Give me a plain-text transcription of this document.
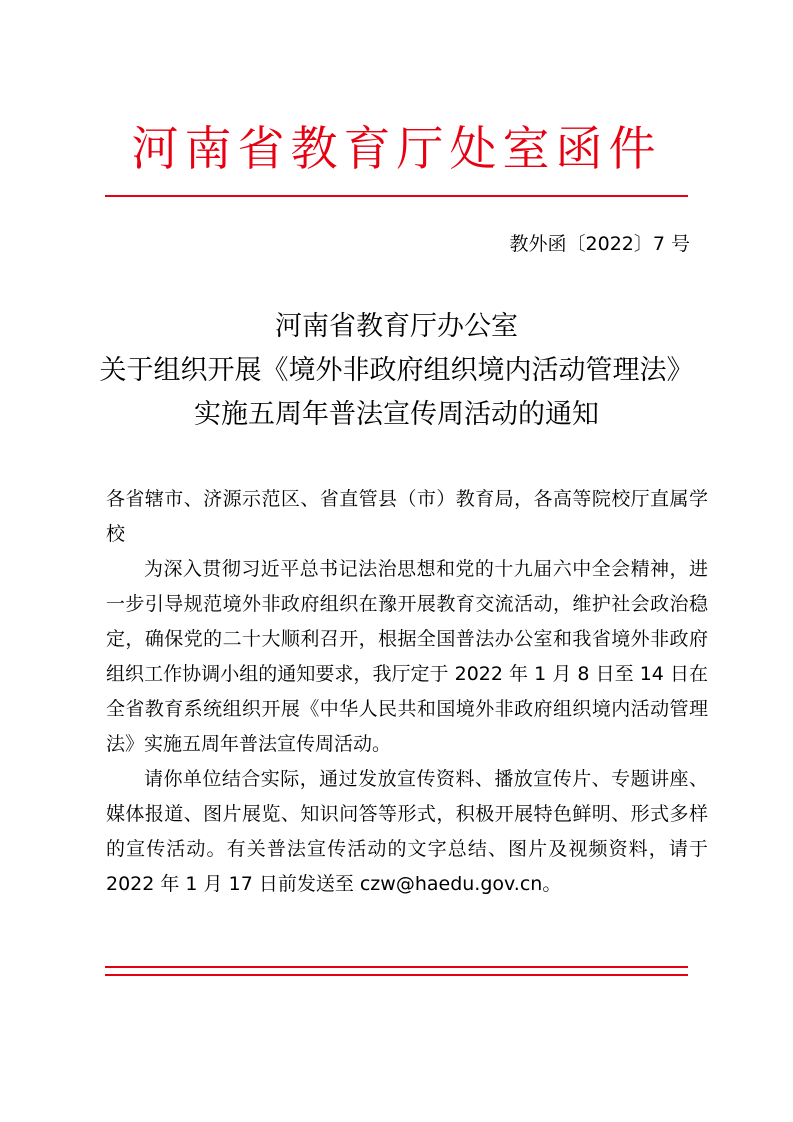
河南省教育厅处室函件
教外函〔2022〕7 号
河南省教育厅办公室
关于组织开展《境外非政府组织境内活动管理法》
实施五周年普法宣传周活动的通知

各省辖市、济源示范区、省直管县（市）教育局，各高等院校厅直属学校

为深入贯彻习近平总书记法治思想和党的十九届六中全会精神，进一步引导规范境外非政府组织在豫开展教育交流活动，维护社会政治稳定，确保党的二十大顺利召开，根据全国普法办公室和我省境外非政府组织工作协调小组的通知要求，我厅定于 2022 年 1 月 8 日至 14 日在全省教育系统组织开展《中华人民共和国境外非政府组织境内活动管理法》实施五周年普法宣传周活动。

请你单位结合实际，通过发放宣传资料、播放宣传片、专题讲座、媒体报道、图片展览、知识问答等形式，积极开展特色鲜明、形式多样的宣传活动。有关普法宣传活动的文字总结、图片及视频资料，请于 2022 年 1 月 17 日前发送至 czw@haedu.gov.cn。
